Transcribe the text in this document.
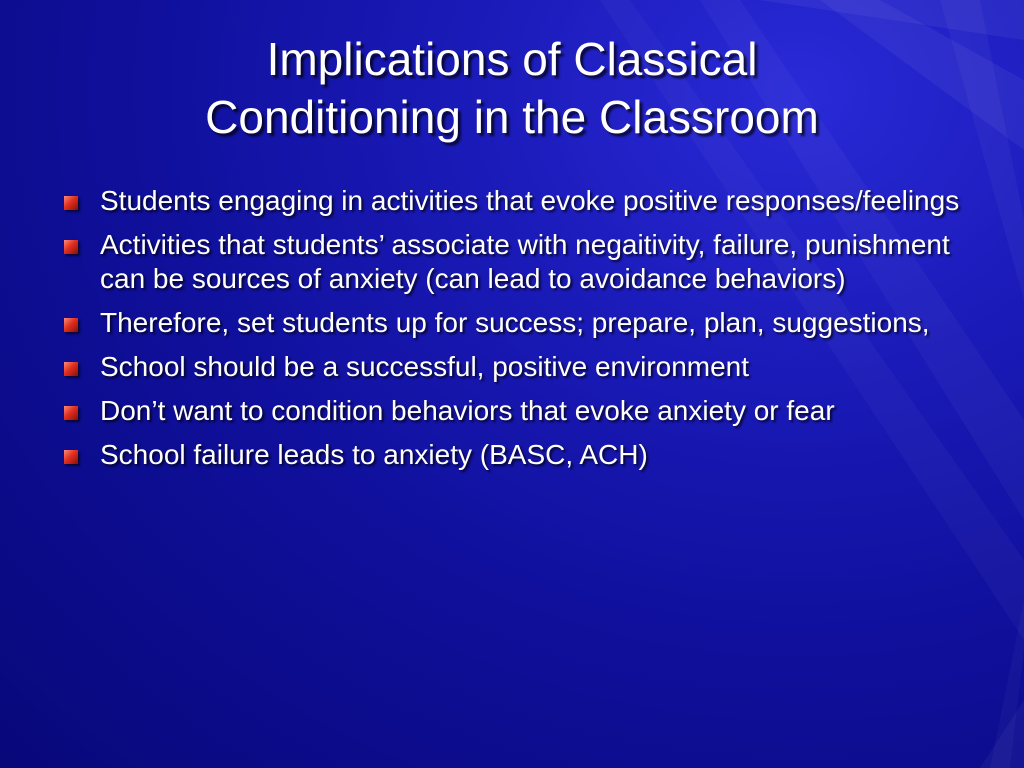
Implications of Classical
Conditioning in the Classroom
Students engaging in activities that evoke positive responses/feelings
Activities that students’ associate with negaitivity, failure, punishment can be sources of anxiety (can lead to avoidance behaviors)
Therefore, set students up for success; prepare, plan, suggestions,
School should be a successful, positive environment
Don’t want to condition behaviors that evoke anxiety or fear
School failure leads to anxiety (BASC, ACH)
